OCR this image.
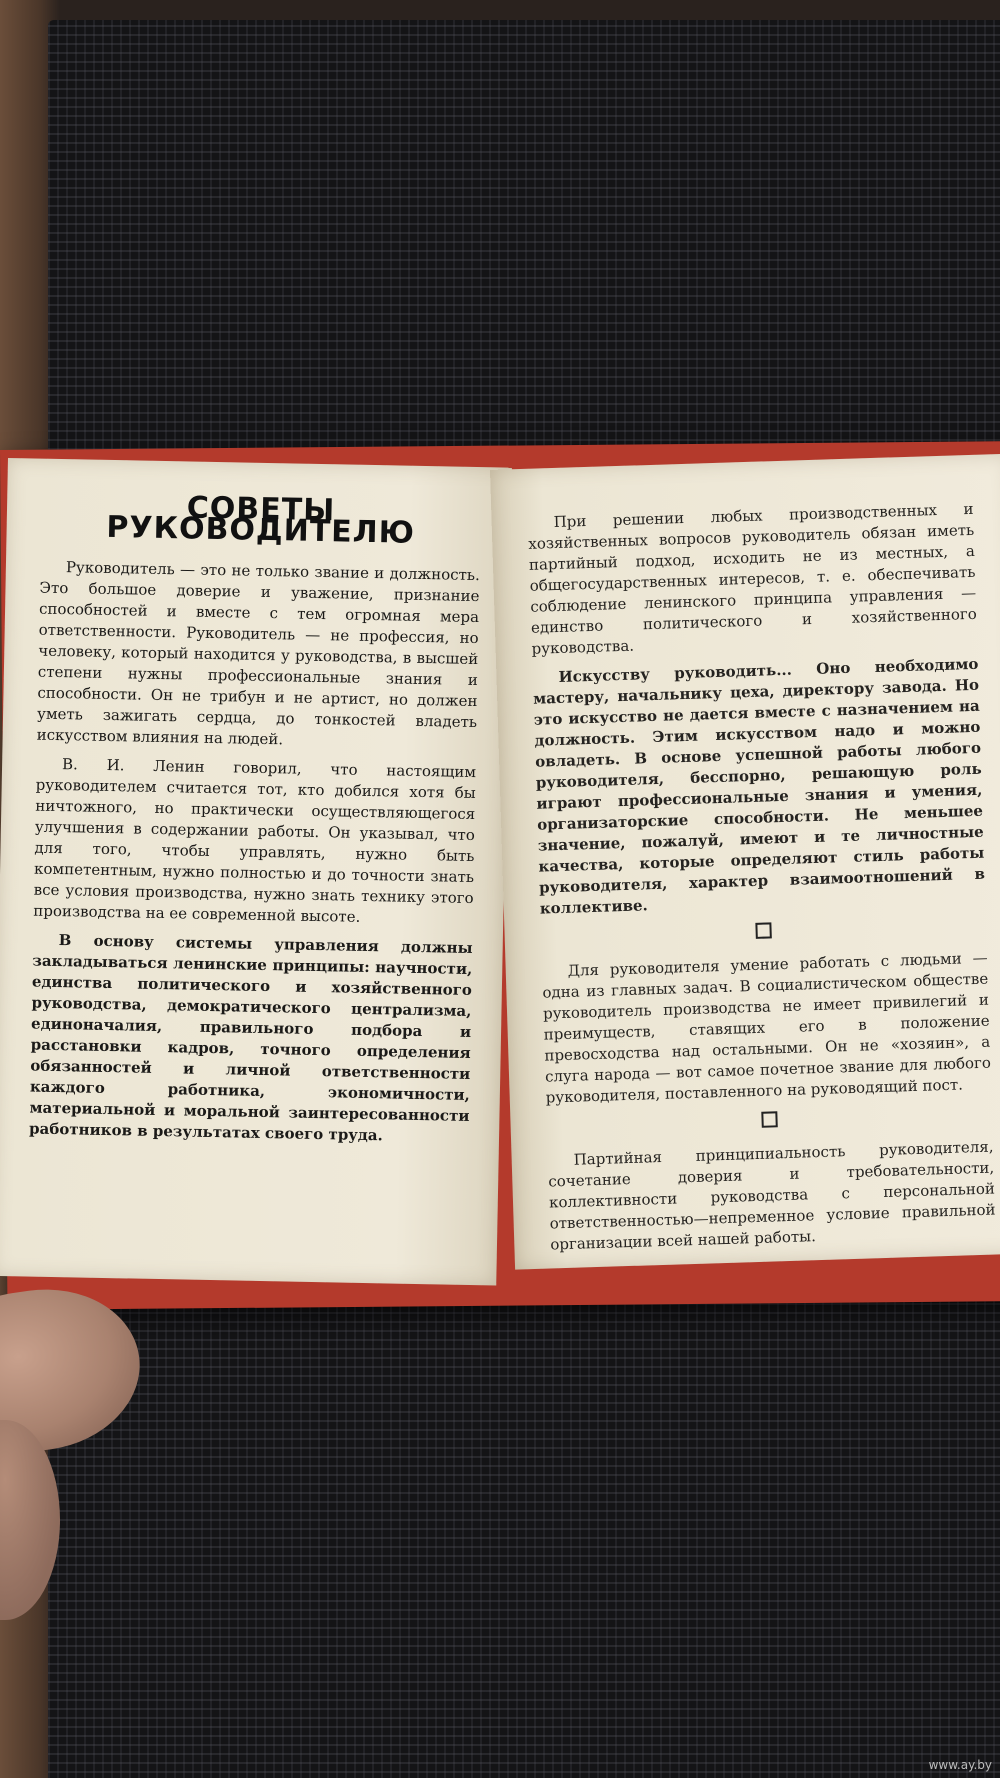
СОВЕТЫ РУКОВОДИТЕЛЮ

Руководитель — это не только звание и должность. Это большое доверие и уважение, признание способностей и вместе с тем огромная мера ответственности. Руководитель — не профессия, но человеку, который находится у руководства, в высшей степени нужны профессиональные знания и способности. Он не трибун и не артист, но должен уметь зажигать сердца, до тонкостей владеть искусством влияния на людей.

В. И. Ленин говорил, что настоящим руководителем считается тот, кто добился хотя бы ничтожного, но практически осуществляющегося улучшения в содержании работы. Он указывал, что для того, чтобы управлять, нужно быть компетентным, нужно полностью и до точности знать все условия производства, нужно знать технику этого производства на ее современной высоте.

В основу системы управления должны закладываться ленинские принципы: научности, единства политического и хозяйственного руководства, демократического централизма, единоначалия, правильного подбора и расстановки кадров, точного определения обязанностей и личной ответственности каждого работника, экономичности, материальной и моральной заинтересованности работников в результатах своего труда.

При решении любых производственных и хозяйственных вопросов руководитель обязан иметь партийный подход, исходить не из местных, а общегосударственных интересов, т. е. обеспечивать соблюдение ленинского принципа управления — единство политического и хозяйственного руководства.

Искусству руководить... Оно необходимо мастеру, начальнику цеха, директору завода. Но это искусство не дается вместе с назначением на должность. Этим искусством надо и можно овладеть. В основе успешной работы любого руководителя, бесспорно, решающую роль играют профессиональные знания и умения, организаторские способности. Не меньшее значение, пожалуй, имеют и те личностные качества, которые определяют стиль работы руководителя, характер взаимоотношений в коллективе.

Для руководителя умение работать с людьми — одна из главных задач. В социалистическом обществе руководитель производства не имеет привилегий и преимуществ, ставящих его в положение превосходства над остальными. Он не «хозяин», а слуга народа — вот самое почетное звание для любого руководителя, поставленного на руководящий пост.

Партийная принципиальность руководителя, сочетание доверия и требовательности, коллективности руководства с персональной ответственностью—непременное условие правильной организации всей нашей работы.

www.ay.by
